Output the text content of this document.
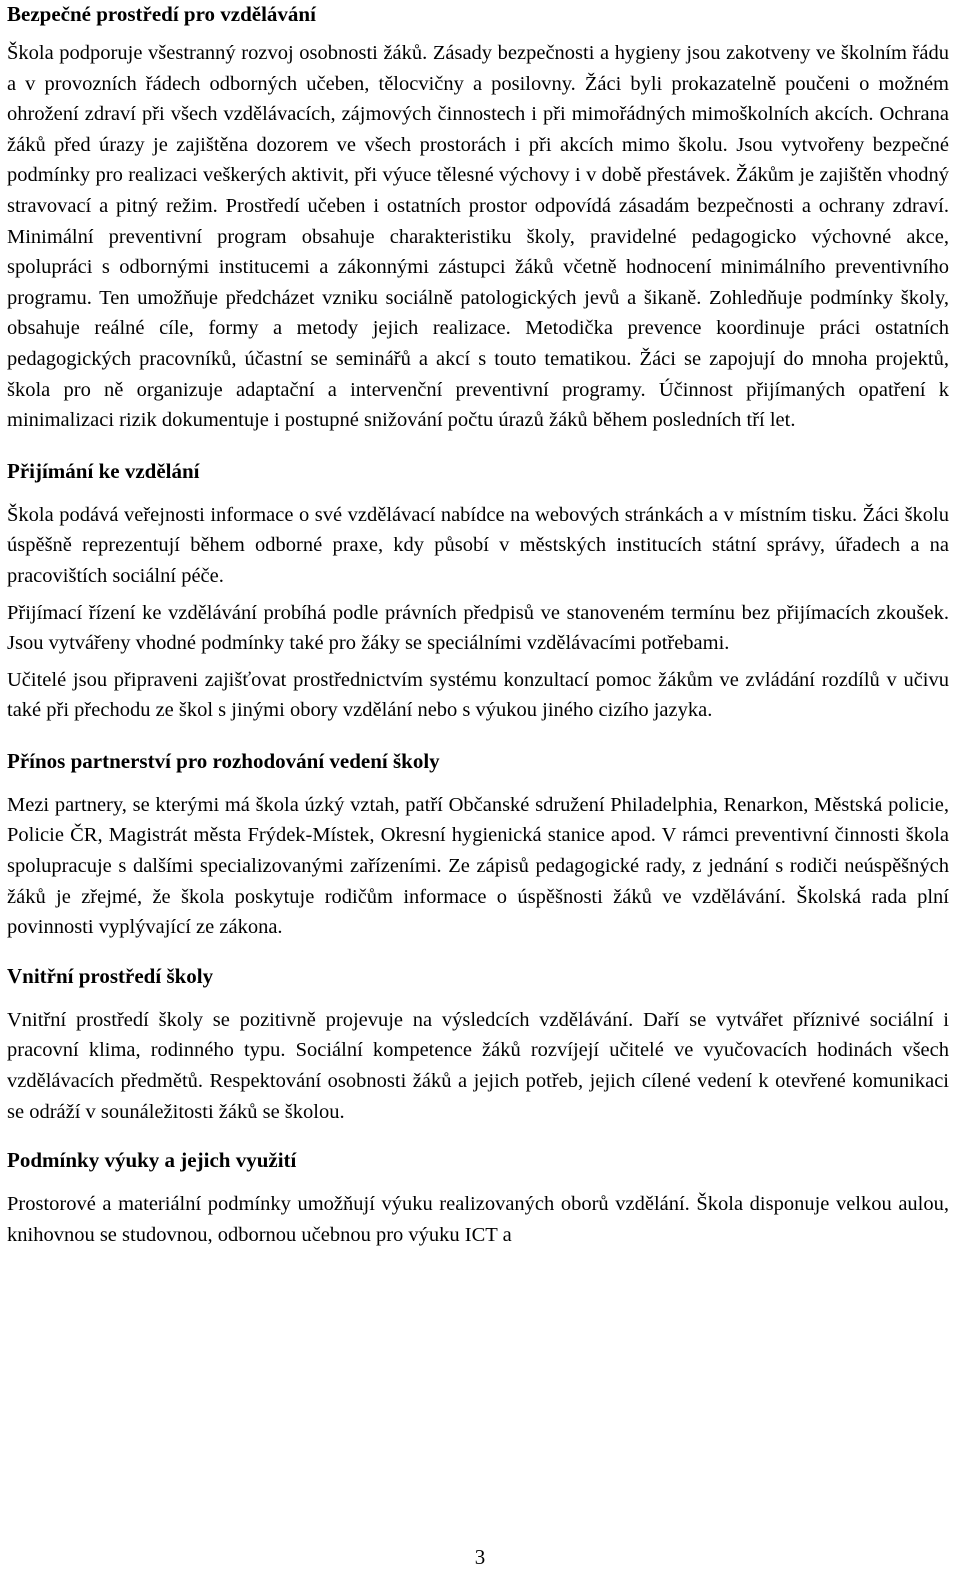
Bezpečné prostředí pro vzdělávání

Škola podporuje všestranný rozvoj osobnosti žáků. Zásady bezpečnosti a hygieny jsou zakotveny ve školním řádu a v provozních řádech odborných učeben, tělocvičny a posilovny. Žáci byli prokazatelně poučeni o možném ohrožení zdraví při všech vzdělávacích, zájmových činnostech i při mimořádných mimoškolních akcích. Ochrana žáků před úrazy je zajištěna dozorem ve všech prostorách i při akcích mimo školu. Jsou vytvořeny bezpečné podmínky pro realizaci veškerých aktivit, při výuce tělesné výchovy i v době přestávek. Žákům je zajištěn vhodný stravovací a pitný režim. Prostředí učeben i ostatních prostor odpovídá zásadám bezpečnosti a ochrany zdraví. Minimální preventivní program obsahuje charakteristiku školy, pravidelné pedagogicko výchovné akce, spolupráci s odbornými institucemi a zákonnými zástupci žáků včetně hodnocení minimálního preventivního programu. Ten umožňuje předcházet vzniku sociálně patologických jevů a šikaně. Zohledňuje podmínky školy, obsahuje reálné cíle, formy a metody jejich realizace. Metodička prevence koordinuje práci ostatních pedagogických pracovníků, účastní se seminářů a akcí s touto tematikou. Žáci se zapojují do mnoha projektů, škola pro ně organizuje adaptační a intervenční preventivní programy. Účinnost přijímaných opatření k minimalizaci rizik dokumentuje i postupné snižování počtu úrazů žáků během posledních tří let.

Přijímání ke vzdělání

Škola podává veřejnosti informace o své vzdělávací nabídce na webových stránkách a v místním tisku. Žáci školu úspěšně reprezentují během odborné praxe, kdy působí v městských institucích státní správy, úřadech a na pracovištích sociální péče.

Přijímací řízení ke vzdělávání probíhá podle právních předpisů ve stanoveném termínu bez přijímacích zkoušek. Jsou vytvářeny vhodné podmínky také pro žáky se speciálními vzdělávacími potřebami.

Učitelé jsou připraveni zajišťovat prostřednictvím systému konzultací pomoc žákům ve zvládání rozdílů v učivu také při přechodu ze škol s jinými obory vzdělání nebo s výukou jiného cizího jazyka.

Přínos partnerství pro rozhodování vedení školy

Mezi partnery, se kterými má škola úzký vztah, patří Občanské sdružení Philadelphia, Renarkon, Městská policie, Policie ČR, Magistrát města Frýdek-Místek, Okresní hygienická stanice apod. V rámci preventivní činnosti škola spolupracuje s dalšími specializovanými zařízeními. Ze zápisů pedagogické rady, z jednání s rodiči neúspěšných žáků je zřejmé, že škola poskytuje rodičům informace o úspěšnosti žáků ve vzdělávání. Školská rada plní povinnosti vyplývající ze zákona.

Vnitřní prostředí školy

Vnitřní prostředí školy se pozitivně projevuje na výsledcích vzdělávání. Daří se vytvářet příznivé sociální i pracovní klima, rodinného typu. Sociální kompetence žáků rozvíjejí učitelé ve vyučovacích hodinách všech vzdělávacích předmětů. Respektování osobnosti žáků a jejich potřeb, jejich cílené vedení k otevřené komunikaci se odráží v sounáležitosti žáků se školou.

Podmínky výuky a jejich využití

Prostorové a materiální podmínky umožňují výuku realizovaných oborů vzdělání. Škola disponuje velkou aulou, knihovnou se studovnou, odbornou učebnou pro výuku ICT a

3
